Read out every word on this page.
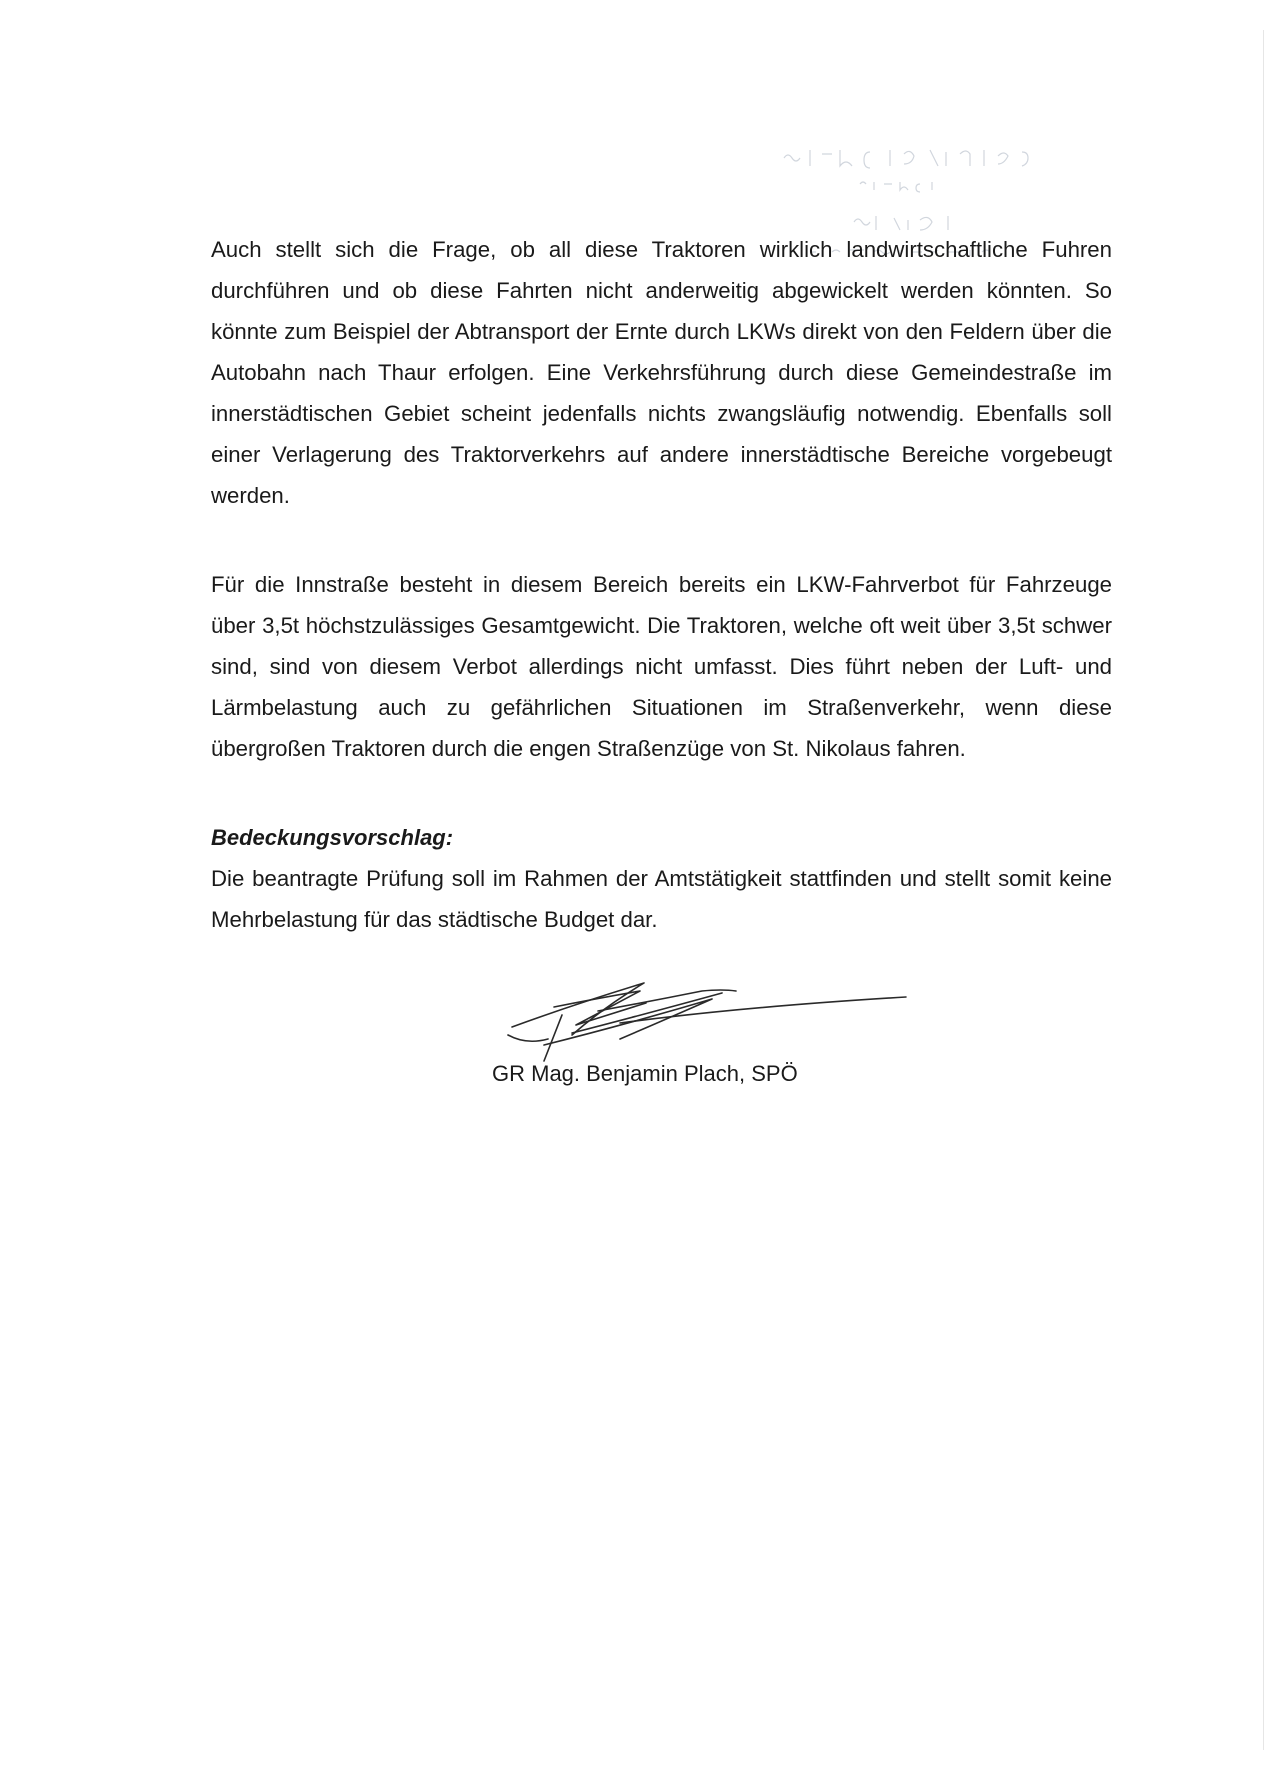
Auch stellt sich die Frage, ob all diese Traktoren wirklich landwirtschaftliche Fuhren durchführen und ob diese Fahrten nicht anderweitig abgewickelt werden könnten. So könnte zum Beispiel der Abtransport der Ernte durch LKWs direkt von den Feldern über die Autobahn nach Thaur erfolgen. Eine Verkehrsführung durch diese Gemeindestraße im innerstädtischen Gebiet scheint jedenfalls nichts zwangsläufig notwendig. Ebenfalls soll einer Verlagerung des Traktorverkehrs auf andere innerstädtische Bereiche vorgebeugt werden.

Für die Innstraße besteht in diesem Bereich bereits ein LKW-Fahrverbot für Fahrzeuge über 3,5t höchstzulässiges Gesamtgewicht. Die Traktoren, welche oft weit über 3,5t schwer sind, sind von diesem Verbot allerdings nicht umfasst. Dies führt neben der Luft- und Lärmbelastung auch zu gefährlichen Situationen im Straßenverkehr, wenn diese übergroßen Traktoren durch die engen Straßenzüge von St. Nikolaus fahren.

Bedeckungsvorschlag:

Die beantragte Prüfung soll im Rahmen der Amtstätigkeit stattfinden und stellt somit keine Mehrbelastung für das städtische Budget dar.

GR Mag. Benjamin Plach, SPÖ
